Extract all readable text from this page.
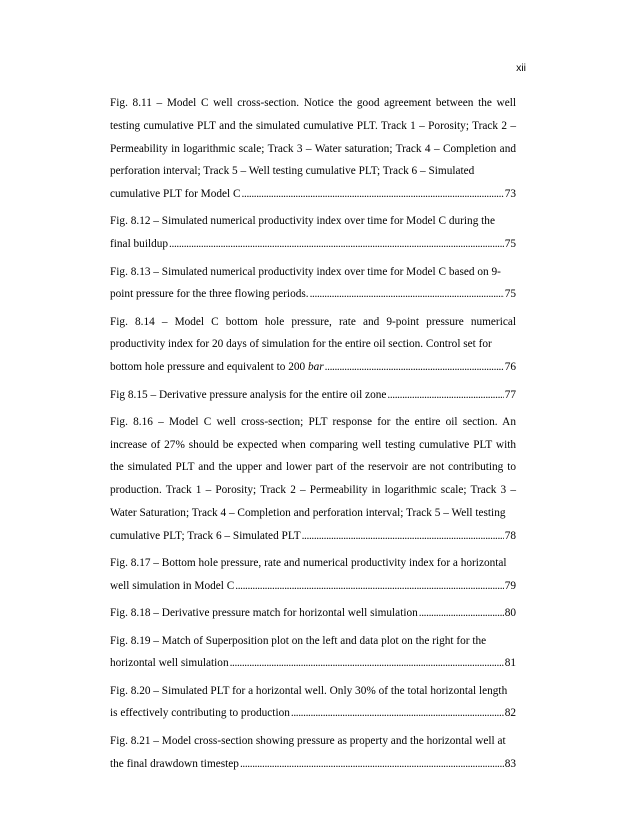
xii
Fig. 8.11 – Model C well cross-section. Notice the good agreement between the well testing cumulative PLT and the simulated cumulative PLT. Track 1 – Porosity; Track 2 – Permeability in logarithmic scale; Track 3 – Water saturation; Track 4 – Completion and perforation interval; Track 5 – Well testing cumulative PLT; Track 6 – Simulated
cumulative PLT for Model C . . .	73
Fig. 8.12 – Simulated numerical productivity index over time for Model C during the
final buildup . . .	75
Fig. 8.13 – Simulated numerical productivity index over time for Model C based on 9-
point pressure for the three flowing periods. . . .	75
Fig. 8.14 – Model C bottom hole pressure, rate and 9-point pressure numerical productivity index for 20 days of simulation for the entire oil section. Control set for
bottom hole pressure and equivalent to 200 bar . . .	76
Fig 8.15 – Derivative pressure analysis for the entire oil zone . . .	77
Fig. 8.16 – Model C well cross-section; PLT response for the entire oil section. An increase of 27% should be expected when comparing well testing cumulative PLT with the simulated PLT and the upper and lower part of the reservoir are not contributing to production. Track 1 – Porosity; Track 2 – Permeability in logarithmic scale; Track 3 – Water Saturation; Track 4 – Completion and perforation interval; Track 5 – Well testing
cumulative PLT; Track 6 – Simulated PLT . . .	78
Fig. 8.17 – Bottom hole pressure, rate and numerical productivity index for a horizontal
well simulation in Model C . . .	79
Fig. 8.18 – Derivative pressure match for horizontal well simulation . . .	80
Fig. 8.19 – Match of Superposition plot on the left and data plot on the right for the
horizontal well simulation . . .	81
Fig. 8.20 – Simulated PLT for a horizontal well. Only 30% of the total horizontal length
is effectively contributing to production . . .	82
Fig. 8.21 – Model cross-section showing pressure as property and the horizontal well at
the final drawdown timestep . . .	83
